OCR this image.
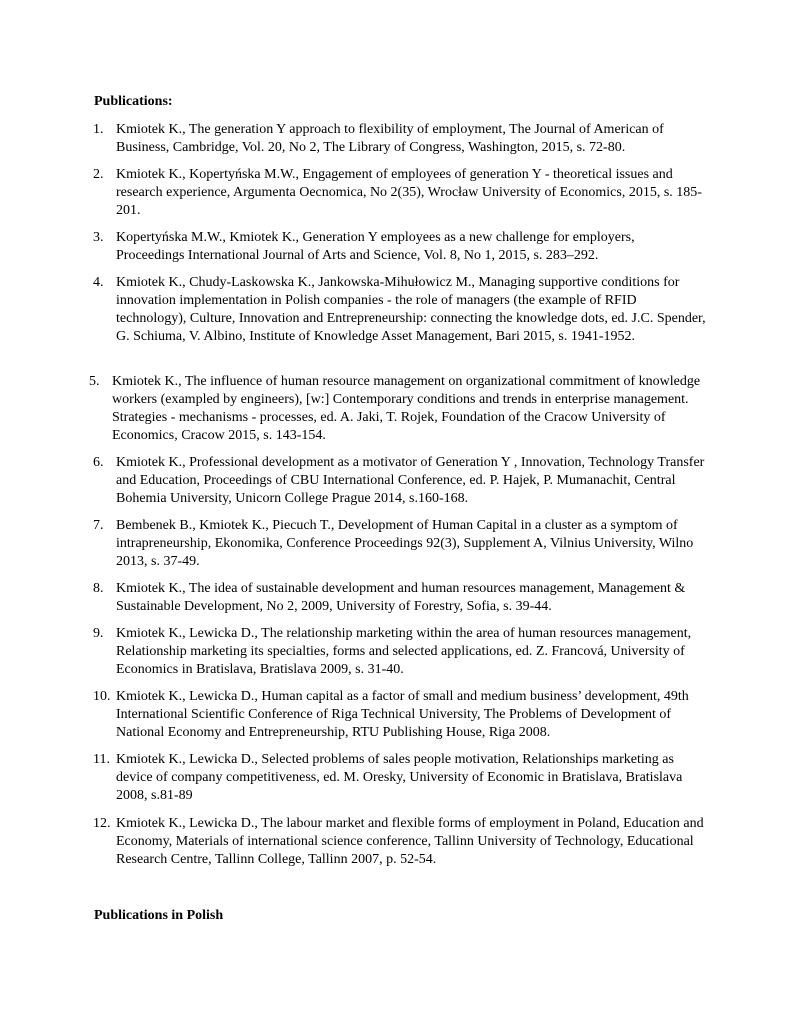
Publications:
1. Kmiotek K., The generation Y approach to flexibility of employment, The Journal of American of Business, Cambridge, Vol. 20, No 2, The Library of Congress, Washington, 2015, s. 72-80.
2. Kmiotek K., Kopertyńska M.W., Engagement of employees of generation Y - theoretical issues and research experience, Argumenta Oecnomica, No 2(35), Wrocław University of Economics, 2015, s. 185-201.
3. Kopertyńska M.W., Kmiotek K., Generation Y employees as a new challenge for employers, Proceedings International Journal of Arts and Science, Vol. 8, No 1, 2015, s. 283–292.
4. Kmiotek K., Chudy-Laskowska K., Jankowska-Mihułowicz M., Managing supportive conditions for innovation implementation in Polish companies - the role of managers (the example of RFID technology), Culture, Innovation and Entrepreneurship: connecting the knowledge dots, ed. J.C. Spender, G. Schiuma, V. Albino, Institute of Knowledge Asset Management, Bari 2015, s. 1941-1952.
5. Kmiotek K., The influence of human resource management on organizational commitment of knowledge workers (exampled by engineers), [w:] Contemporary conditions and trends in enterprise management. Strategies - mechanisms - processes, ed. A. Jaki, T. Rojek, Foundation of the Cracow University of Economics, Cracow 2015, s. 143-154.
6. Kmiotek K., Professional development as a motivator of Generation Y , Innovation, Technology Transfer and Education, Proceedings of CBU International Conference, ed. P. Hajek, P. Mumanachit, Central Bohemia University, Unicorn College Prague 2014, s.160-168.
7. Bembenek B., Kmiotek K., Piecuch T., Development of Human Capital in a cluster as a symptom of intrapreneurship, Ekonomika, Conference Proceedings 92(3), Supplement A, Vilnius University, Wilno 2013, s. 37-49.
8. Kmiotek K., The idea of sustainable development and human resources management, Management & Sustainable Development, No 2, 2009, University of Forestry, Sofia, s. 39-44.
9. Kmiotek K., Lewicka D., The relationship marketing within the area of human resources management, Relationship marketing its specialties, forms and selected applications, ed. Z. Francová, University of Economics in Bratislava, Bratislava 2009, s. 31-40.
10. Kmiotek K., Lewicka D., Human capital as a factor of small and medium business’ development, 49th International Scientific Conference of Riga Technical University, The Problems of Development of National Economy and Entrepreneurship, RTU Publishing House, Riga 2008.
11. Kmiotek K., Lewicka D., Selected problems of sales people motivation, Relationships marketing as device of company competitiveness, ed. M. Oresky, University of Economic in Bratislava, Bratislava 2008, s.81-89
12. Kmiotek K., Lewicka D., The labour market and flexible forms of employment in Poland, Education and Economy, Materials of international science conference, Tallinn University of Technology, Educational Research Centre, Tallinn College, Tallinn 2007, p. 52-54.
Publications in Polish
